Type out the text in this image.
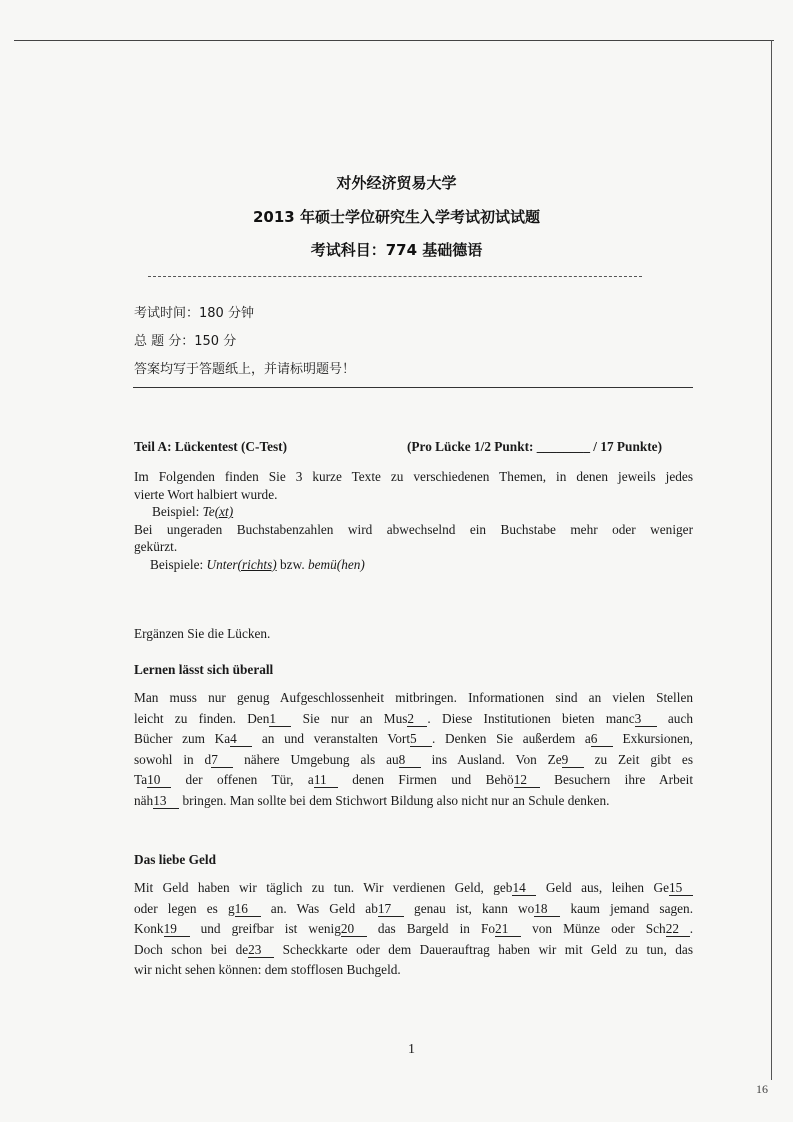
对外经济贸易大学
2013 年硕士学位研究生入学考试初试试题
考试科目：774 基础德语
考试时间：180 分钟
总 题 分：150 分
答案均写于答题纸上，并请标明题号！
Teil A: Lückentest (C-Test)	(Pro Lücke 1/2 Punkt: ________ / 17 Punkte)
Im Folgenden finden Sie 3 kurze Texte zu verschiedenen Themen, in denen jeweils jedes
vierte Wort halbiert wurde.
Beispiel: Te(xt)
Bei ungeraden Buchstabenzahlen wird abwechselnd ein Buchstabe mehr oder weniger
gekürzt.
Beispiele: Unter(richts) bzw. bemü(hen)
Ergänzen Sie die Lücken.
Lernen lässt sich überall
Man muss nur genug Aufgeschlossenheit mitbringen. Informationen sind an vielen Stellen
leicht zu finden. Den1 Sie nur an Mus2 . Diese Institutionen bieten manc3 auch
Bücher zum Ka4 an und veranstalten Vort5 . Denken Sie außerdem a6 Exkursionen,
sowohl in d7 nähere Umgebung als au8 ins Ausland. Von Ze9 zu Zeit gibt es
Ta10 der offenen Tür, a11 denen Firmen und Behö12 Besuchern ihre Arbeit
näh13 bringen. Man sollte bei dem Stichwort Bildung also nicht nur an Schule denken.
Das liebe Geld
Mit Geld haben wir täglich zu tun. Wir verdienen Geld, geb14 Geld aus, leihen Ge15
oder legen es g16 an. Was Geld ab17 genau ist, kann wo18 kaum jemand sagen.
Konk19 und greifbar ist wenig20 das Bargeld in Fo21 von Münze oder Sch22 .
Doch schon bei de23 Scheckkarte oder dem Dauerauftrag haben wir mit Geld zu tun, das
wir nicht sehen können: dem stofflosen Buchgeld.
1
16
